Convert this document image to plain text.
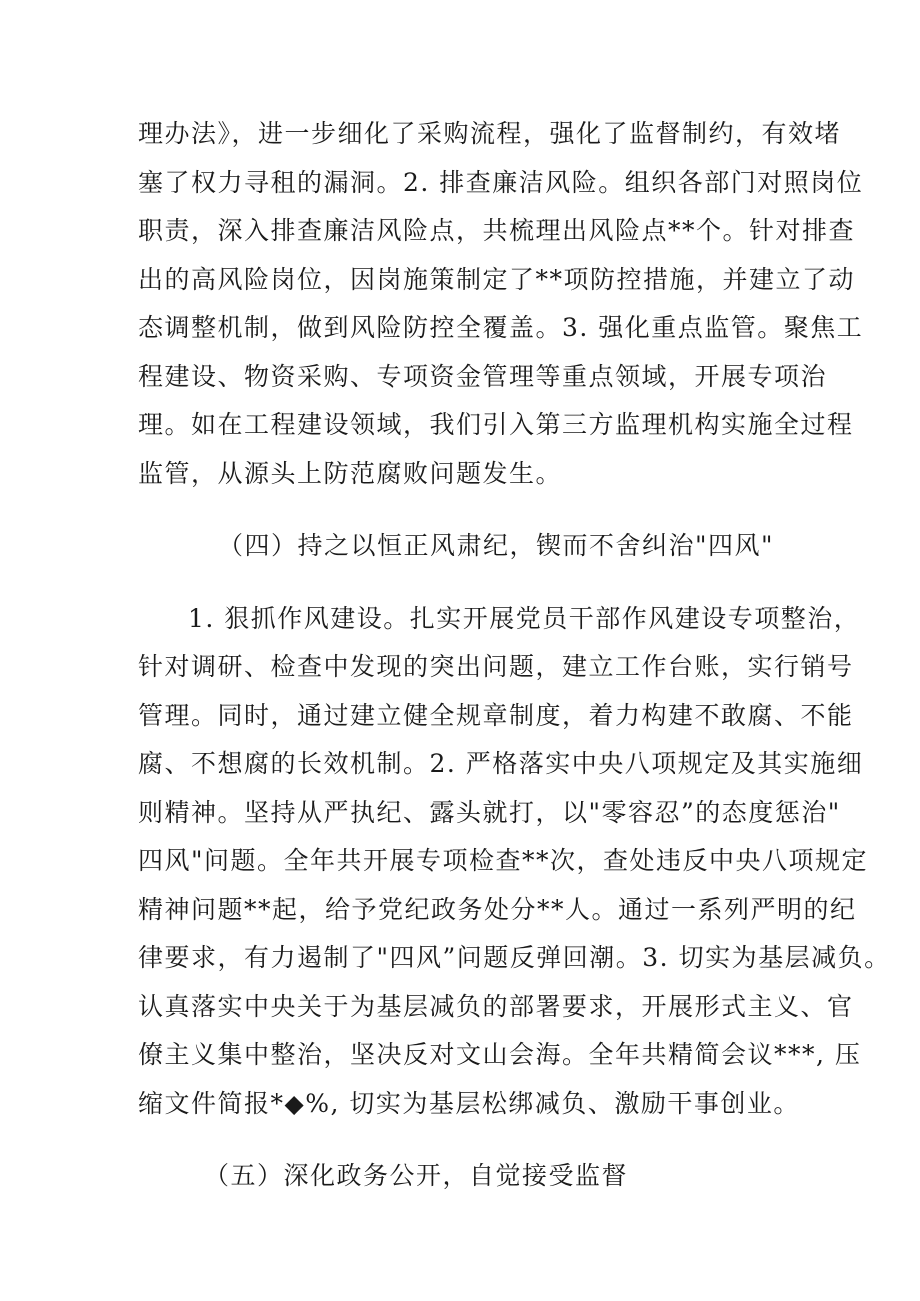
理办法》，进一步细化了采购流程，强化了监督制约，有效堵
塞了权力寻租的漏洞。2. 排查廉洁风险。组织各部门对照岗位
职责，深入排查廉洁风险点，共梳理出风险点**个。针对排查
出的高风险岗位，因岗施策制定了**项防控措施，并建立了动
态调整机制，做到风险防控全覆盖。3. 强化重点监管。聚焦工
程建设、物资采购、专项资金管理等重点领域，开展专项治
理。如在工程建设领域，我们引入第三方监理机构实施全过程
监管，从源头上防范腐败问题发生。
（四）持之以恒正风肃纪，锲而不舍纠治"四风"
1. 狠抓作风建设。扎实开展党员干部作风建设专项整治，
针对调研、检查中发现的突出问题，建立工作台账，实行销号
管理。同时，通过建立健全规章制度，着力构建不敢腐、不能
腐、不想腐的长效机制。2. 严格落实中央八项规定及其实施细
则精神。坚持从严执纪、露头就打，以"零容忍”的态度惩治"
四风"问题。全年共开展专项检查**次，查处违反中央八项规定
精神问题**起，给予党纪政务处分**人。通过一系列严明的纪
律要求，有力遏制了"四风”问题反弹回潮。3. 切实为基层减负。
认真落实中央关于为基层减负的部署要求，开展形式主义、官
僚主义集中整治，坚决反对文山会海。全年共精简会议***, 压
缩文件简报*◆%, 切实为基层松绑减负、激励干事创业。
（五）深化政务公开，自觉接受监督
